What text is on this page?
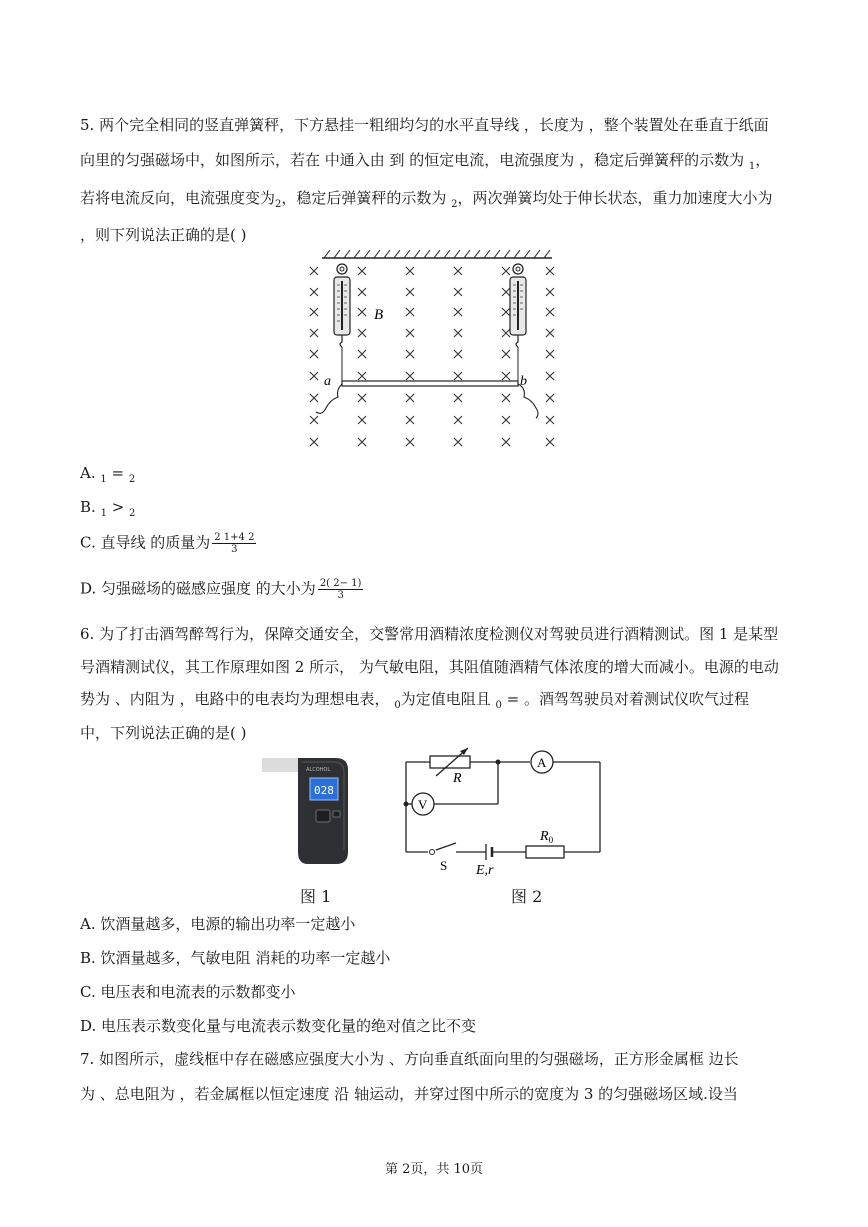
5. 两个完全相同的竖直弹簧秤，下方悬挂一粗细均匀的水平直导线 ，长度为 ，整个装置处在垂直于纸面
向里的匀强磁场中，如图所示，若在 中通入由 到 的恒定电流，电流强度为 ，稳定后弹簧秤的示数为 $_1$，
若将电流反向，电流强度变为$_2$，稳定后弹簧秤的示数为 $_2$，两次弹簧均处于伸长状态，重力加速度大小为
，则下列说法正确的是( )
B
a	b
A. $_1$ = $_2$
B. $_1$ > $_2$
C. 直导线 的质量为 $\frac{2 1+4 2}{3}$
D. 匀强磁场的磁感应强度 的大小为 $\frac{2( 2- 1)}{3}$
6. 为了打击酒驾醉驾行为，保障交通安全，交警常用酒精浓度检测仪对驾驶员进行酒精测试。图 1 是某型
号酒精测试仪，其工作原理如图 2 所示， 为气敏电阻，其阻值随酒精气体浓度的增大而减小。电源的电动
势为 、内阻为 ，电路中的电表均为理想电表， $_0$为定值电阻且 $_0$ = 。酒驾驾驶员对着测试仪吹气过程
中，下列说法正确的是( )
ALCOHOL
028
图 1
R
A
V
$R_0$
S E,r
图 2
A. 饮酒量越多，电源的输出功率一定越小
B. 饮酒量越多，气敏电阻 消耗的功率一定越小
C. 电压表和电流表的示数都变小
D. 电压表示数变化量与电流表示数变化量的绝对值之比不变
7. 如图所示，虚线框中存在磁感应强度大小为 、方向垂直纸面向里的匀强磁场，正方形金属框 边长
为 、总电阻为 ，若金属框以恒定速度 沿 轴运动，并穿过图中所示的宽度为 3 的匀强磁场区域.设当
第 2页，共 10页
